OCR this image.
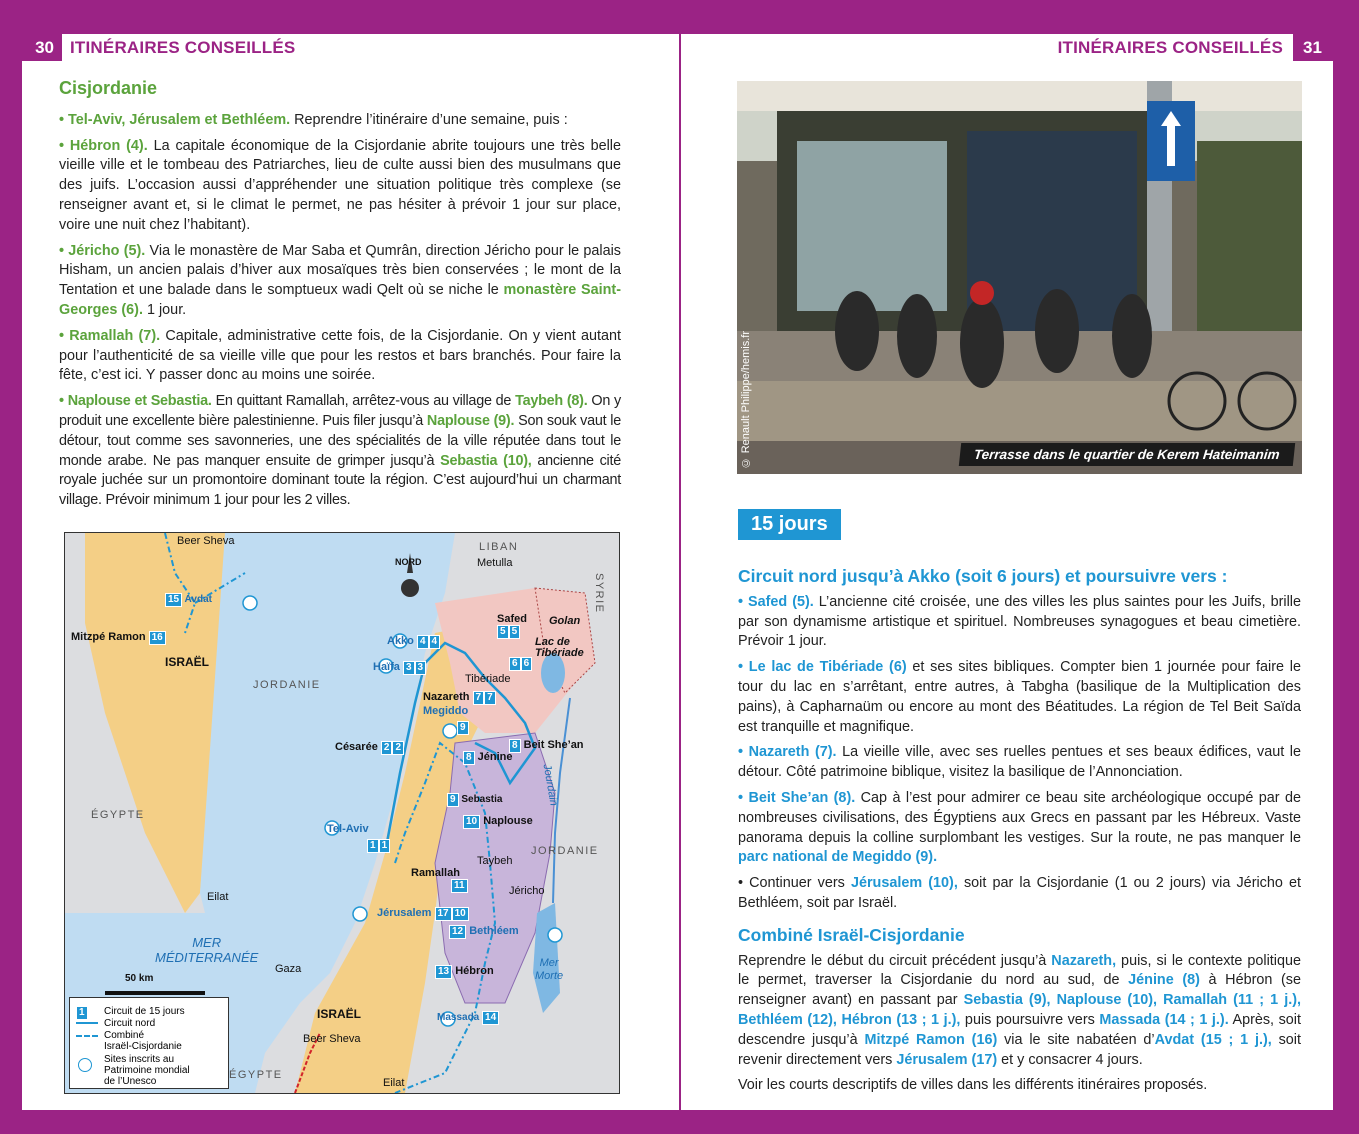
30 ITINÉRAIRES CONSEILLÉS
Cisjordanie

• Tel-Aviv, Jérusalem et Bethléem. Reprendre l’itinéraire d’une semaine, puis :

• Hébron (4). La capitale économique de la Cisjordanie abrite toujours une très belle vieille ville et le tombeau des Patriarches, lieu de culte aussi bien des musulmans que des juifs. L’occasion aussi d’appréhender une situation politique très complexe (se renseigner avant et, si le climat le permet, ne pas hésiter à prévoir 1 jour sur place, voire une nuit chez l’habitant).

• Jéricho (5). Via le monastère de Mar Saba et Qumrân, direction Jéricho pour le palais Hisham, un ancien palais d’hiver aux mosaïques très bien conservées ; le mont de la Tentation et une balade dans le somptueux wadi Qelt où se niche le monastère Saint-Georges (6). 1 jour.

• Ramallah (7). Capitale, administrative cette fois, de la Cisjordanie. On y vient autant pour l’authenticité de sa vieille ville que pour les restos et bars branchés. Pour faire la fête, c’est ici. Y passer donc au moins une soirée.

• Naplouse et Sebastia. En quittant Ramallah, arrêtez-vous au village de Taybeh (8). On y produit une excellente bière palestinienne. Puis filer jusqu’à Naplouse (9). Son souk vaut le détour, tout comme ses savonneries, une des spécialités de la ville réputée dans tout le monde arabe. Ne pas manquer ensuite de grimper jusqu’à Sebastia (10), ancienne cité royale juchée sur un promontoire dominant toute la région. C’est aujourd’hui un charmant village. Prévoir minimum 1 jour pour les 2 villes.

Beer Sheva
15 Avdat
Mitzpé Ramon 16
ISRAËL
JORDANIE
ÉGYPTE
Eilat
MER
MÉDITERRANÉE
50 km
LIBAN
SYRIE
NORD	Metulla
Safed
5 5
Golan
Lac de
Tibériade
Akko 4 4
Haïfa 3 3	6 6
Tibériade
Nazareth 7 7
Megiddo
9
Césarée 2 2	8 Beit She’an
8 Jénine
Jourdain
9 Sebastia
10 Naplouse
Tel-Aviv
1 1	JORDANIE
Taybeh
Ramallah
11	Jéricho
Jérusalem 17 10
12 Bethléem
Mer
Morte
Gaza	13 Hébron
ISRAËL
Beer Sheva
Massada 14
ÉGYPTE
Eilat
1	Circuit de 15 jours
Circuit nord
Combiné
Israël-Cisjordanie
Sites inscrits au
Patrimoine mondial
de l’Unesco
31
ITINÉRAIRES CONSEILLÉS
© Renault Philippe/hemis.fr	Terrasse dans le quartier de Kerem Hateimanim
15 jours
Circuit nord jusqu’à Akko (soit 6 jours) et poursuivre vers :

• Safed (5). L’ancienne cité croisée, une des villes les plus saintes pour les Juifs, brille par son dynamisme artistique et spirituel. Nombreuses synagogues et beau cimetière. Prévoir 1 jour.

• Le lac de Tibériade (6) et ses sites bibliques. Compter bien 1 journée pour faire le tour du lac en s’arrêtant, entre autres, à Tabgha (basilique de la Multiplication des pains), à Capharnaüm ou encore au mont des Béatitudes. La région de Tel Beit Saïda est tranquille et magnifique.

• Nazareth (7). La vieille ville, avec ses ruelles pentues et ses beaux édifices, vaut le détour. Côté patrimoine biblique, visitez la basilique de l’Annonciation.

• Beit She’an (8). Cap à l’est pour admirer ce beau site archéologique occupé par de nombreuses civilisations, des Égyptiens aux Grecs en passant par les Hébreux. Vaste panorama depuis la colline surplombant les vestiges. Sur la route, ne pas manquer le parc national de Megiddo (9).

• Continuer vers Jérusalem (10), soit par la Cisjordanie (1 ou 2 jours) via Jéricho et Bethléem, soit par Israël.

Combiné Israël-Cisjordanie

Reprendre le début du circuit précédent jusqu’à Nazareth, puis, si le contexte politique le permet, traverser la Cisjordanie du nord au sud, de Jénine (8) à Hébron (se renseigner avant) en passant par Sebastia (9), Naplouse (10), Ramallah (11 ; 1 j.), Bethléem (12), Hébron (13 ; 1 j.), puis poursuivre vers Massada (14 ; 1 j.). Après, soit descendre jusqu’à Mitzpé Ramon (16) via le site nabatéen d’Avdat (15 ; 1 j.), soit revenir directement vers Jérusalem (17) et y consacrer 4 jours.

Voir les courts descriptifs de villes dans les différents itinéraires proposés.
